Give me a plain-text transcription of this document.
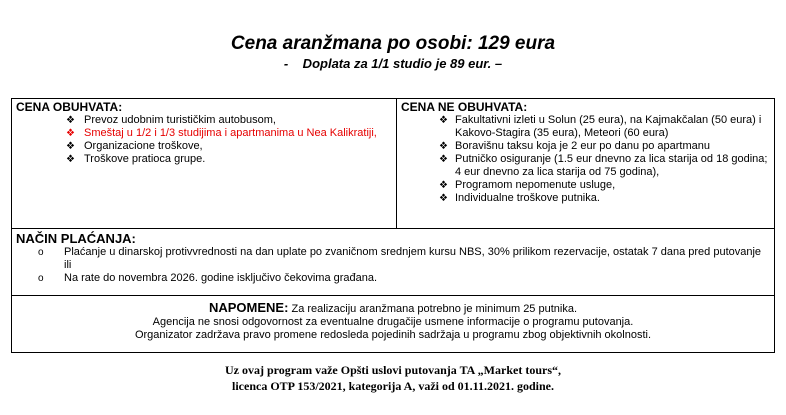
Cena aranžmana po osobi: 129 eura
-    Doplata za 1/1 studio je 89 eur. –
CENA OBUHVATA:
❖ Prevoz udobnim turističkim autobusom,
❖ Smeštaj u 1/2 i 1/3 studijima i apartmanima u Nea Kalikratiji,
❖ Organizacione troškove,
❖ Troškove pratioca grupe.
CENA NE OBUHVATA:
❖ Fakultativni izleti u Solun (25 eura), na Kajmakčalan (50 eura) i Kakovo-Stagira (35 eura), Meteori (60 eura)
❖ Boravišnu taksu koja je 2 eur po danu po apartmanu
❖ Putničko osiguranje (1.5 eur dnevno za lica starija od 18 godina; 4 eur dnevno za lica starija od 75 godina),
❖ Programom nepomenute usluge,
❖ Individualne troškove putnika.
NAČIN PLAĆANJA:
o Plaćanje u dinarskoj protivvrednosti na dan uplate po zvaničnom srednjem kursu NBS, 30% prilikom rezervacije, ostatak 7 dana pred putovanje ili
o Na rate do novembra 2026. godine isključivo čekovima građana.
NAPOMENE: Za realizaciju aranžmana potrebno je minimum 25 putnika.
Agencija ne snosi odgovornost za eventualne drugačije usmene informacije o programu putovanja.
Organizator zadržava pravo promene redosleda pojedinih sadržaja u programu zbog objektivnih okolnosti.
Uz ovaj program važe Opšti uslovi putovanja TA „Market tours“,
licenca OTP 153/2021, kategorija A, važi od 01.11.2021. godine.
